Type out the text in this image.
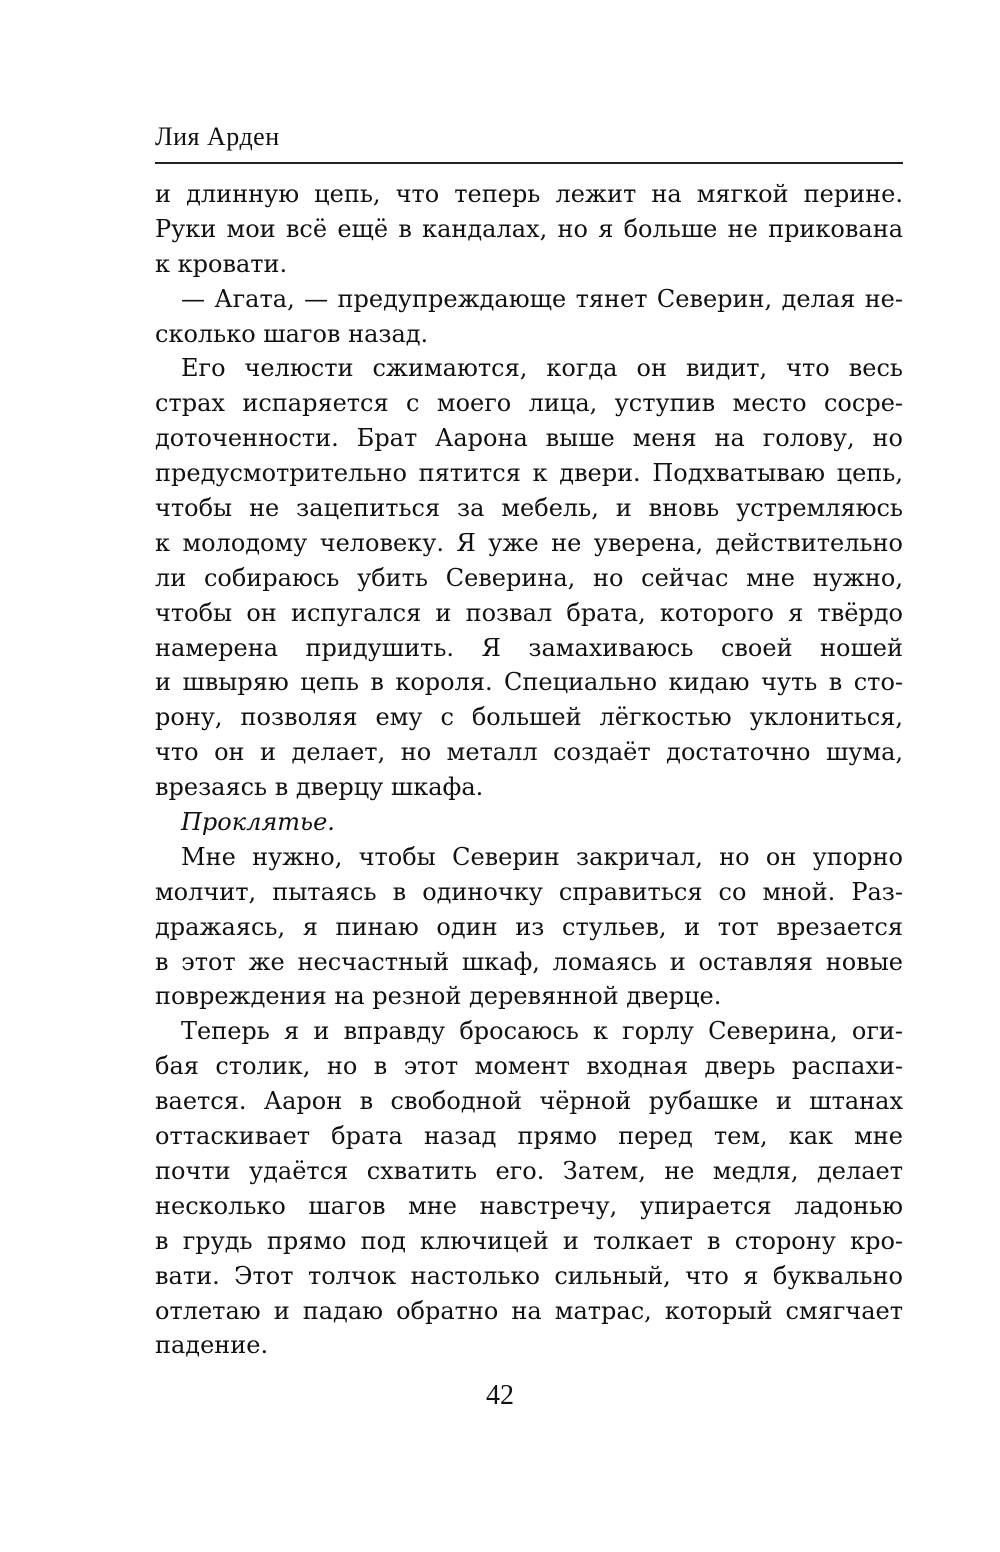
Лия Арден
и длинную цепь, что теперь лежит на мягкой перине.
Руки мои всё ещё в кандалах, но я больше не прикована
к кровати.
— Агата, — предупреждающе тянет Северин, делая не-
сколько шагов назад.
Его челюсти сжимаются, когда он видит, что весь
страх испаряется с моего лица, уступив место сосре-
доточенности. Брат Аарона выше меня на голову, но
предусмотрительно пятится к двери. Подхватываю цепь,
чтобы не зацепиться за мебель, и вновь устремляюсь
к молодому человеку. Я уже не уверена, действительно
ли собираюсь убить Северина, но сейчас мне нужно,
чтобы он испугался и позвал брата, которого я твёрдо
намерена придушить. Я замахиваюсь своей ношей
и швыряю цепь в короля. Специально кидаю чуть в сто-
рону, позволяя ему с большей лёгкостью уклониться,
что он и делает, но металл создаёт достаточно шума,
врезаясь в дверцу шкафа.
Проклятье.
Мне нужно, чтобы Северин закричал, но он упорно
молчит, пытаясь в одиночку справиться со мной. Раз-
дражаясь, я пинаю один из стульев, и тот врезается
в этот же несчастный шкаф, ломаясь и оставляя новые
повреждения на резной деревянной дверце.
Теперь я и вправду бросаюсь к горлу Северина, оги-
бая столик, но в этот момент входная дверь распахи-
вается. Аарон в свободной чёрной рубашке и штанах
оттаскивает брата назад прямо перед тем, как мне
почти удаётся схватить его. Затем, не медля, делает
несколько шагов мне навстречу, упирается ладонью
в грудь прямо под ключицей и толкает в сторону кро-
вати. Этот толчок настолько сильный, что я буквально
отлетаю и падаю обратно на матрас, который смягчает
падение.
42
